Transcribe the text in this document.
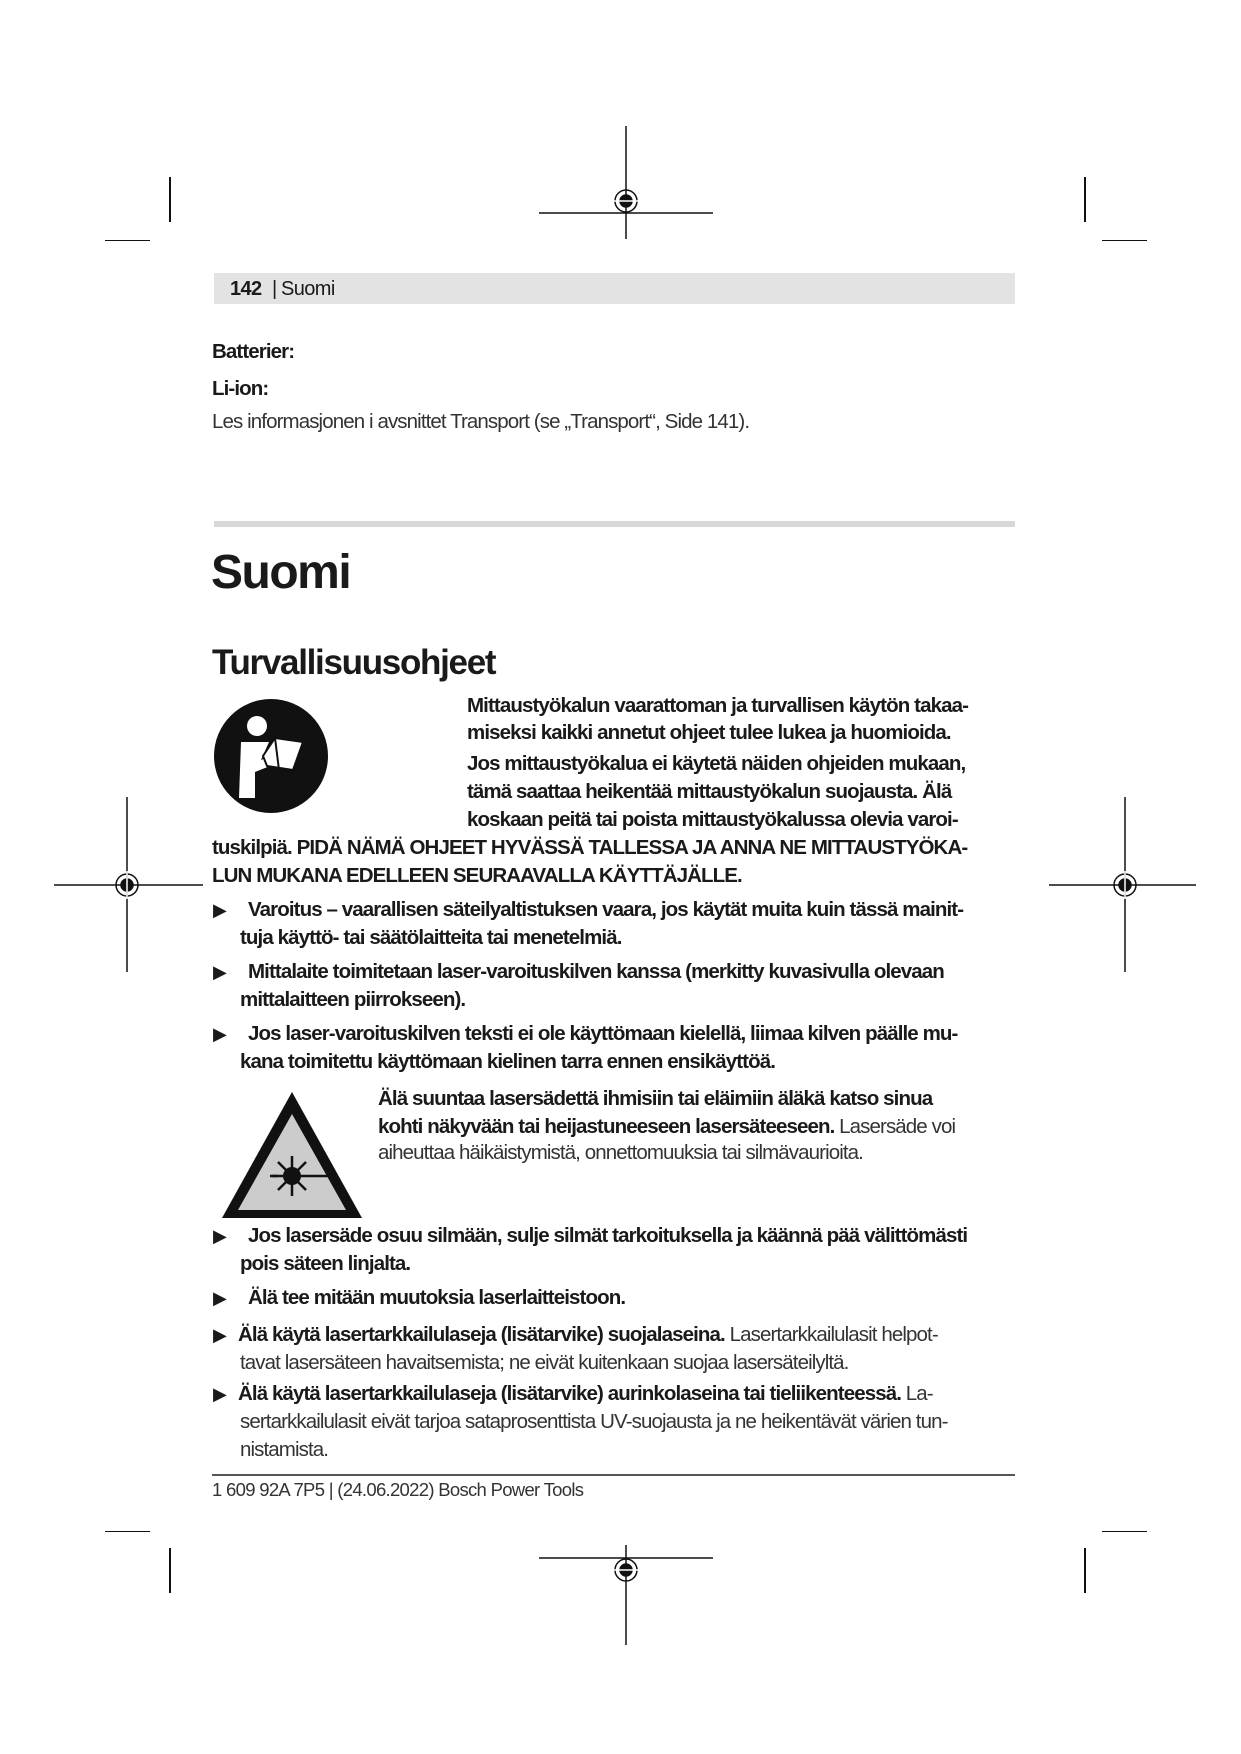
142 | Suomi
Batterier:
Li-ion:
Les informasjonen i avsnittet Transport (se „Transport“, Side 141).
Suomi
Turvallisuusohjeet
Mittaustyökalun vaarattoman ja turvallisen käytön takaa-
miseksi kaikki annetut ohjeet tulee lukea ja huomioida.
Jos mittaustyökalua ei käytetä näiden ohjeiden mukaan,
tämä saattaa heikentää mittaustyökalun suojausta. Älä
koskaan peitä tai poista mittaustyökalussa olevia varoi-
tuskilpiä. PIDÄ NÄMÄ OHJEET HYVÄSSÄ TALLESSA JA ANNA NE MITTAUSTYÖKA-
LUN MUKANA EDELLEEN SEURAAVALLA KÄYTTÄJÄLLE.
▶ Varoitus – vaarallisen säteilyaltistuksen vaara, jos käytät muita kuin tässä mainit-
tuja käyttö- tai säätölaitteita tai menetelmiä.
▶ Mittalaite toimitetaan laser-varoituskilven kanssa (merkitty kuvasivulla olevaan
mittalaitteen piirrokseen).
▶ Jos laser-varoituskilven teksti ei ole käyttömaan kielellä, liimaa kilven päälle mu-
kana toimitettu käyttömaan kielinen tarra ennen ensikäyttöä.
Älä suuntaa lasersädettä ihmisiin tai eläimiin äläkä katso sinua
kohti näkyvään tai heijastuneeseen lasersäteeseen. Lasersäde voi
aiheuttaa häikäistymistä, onnettomuuksia tai silmävaurioita.
▶ Jos lasersäde osuu silmään, sulje silmät tarkoituksella ja käännä pää välittömästi
pois säteen linjalta.
▶ Älä tee mitään muutoksia laserlaitteistoon.
▶ Älä käytä lasertarkkailulaseja (lisätarvike) suojalaseina. Lasertarkkailulasit helpot-
tavat lasersäteen havaitsemista; ne eivät kuitenkaan suojaa lasersäteilyltä.
▶ Älä käytä lasertarkkailulaseja (lisätarvike) aurinkolaseina tai tieliikenteessä. La-
sertarkkailulasit eivät tarjoa sataprosenttista UV-suojausta ja ne heikentävät värien tun-
nistamista.
1 609 92A 7P5 | (24.06.2022) Bosch Power Tools
